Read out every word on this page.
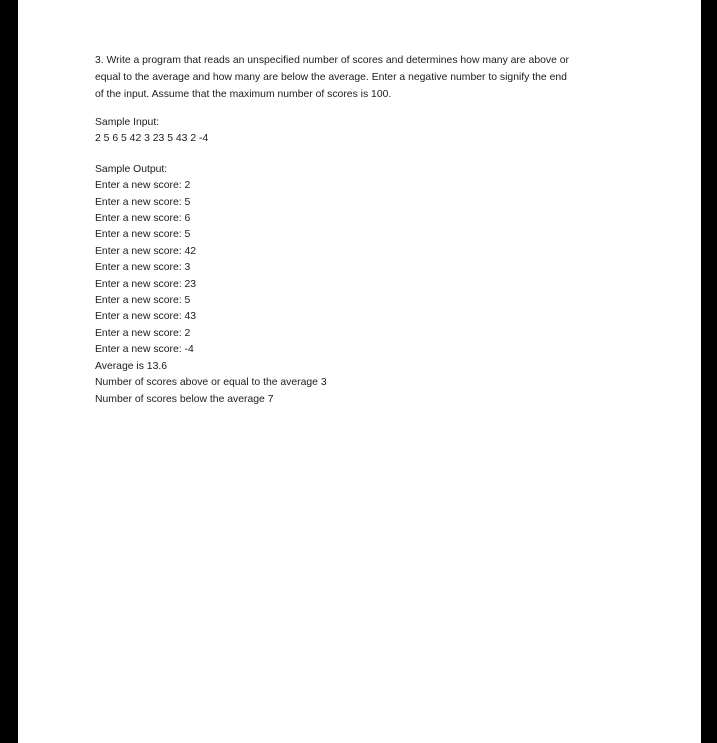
3. Write a program that reads an unspecified number of scores and determines how many are above or
equal to the average and how many are below the average. Enter a negative number to signify the end
of the input. Assume that the maximum number of scores is 100.
Sample Input:
2 5 6 5 42 3 23 5 43 2 -4
Sample Output:
Enter a new score: 2
Enter a new score: 5
Enter a new score: 6
Enter a new score: 5
Enter a new score: 42
Enter a new score: 3
Enter a new score: 23
Enter a new score: 5
Enter a new score: 43
Enter a new score: 2
Enter a new score: -4
Average is 13.6
Number of scores above or equal to the average 3
Number of scores below the average 7
